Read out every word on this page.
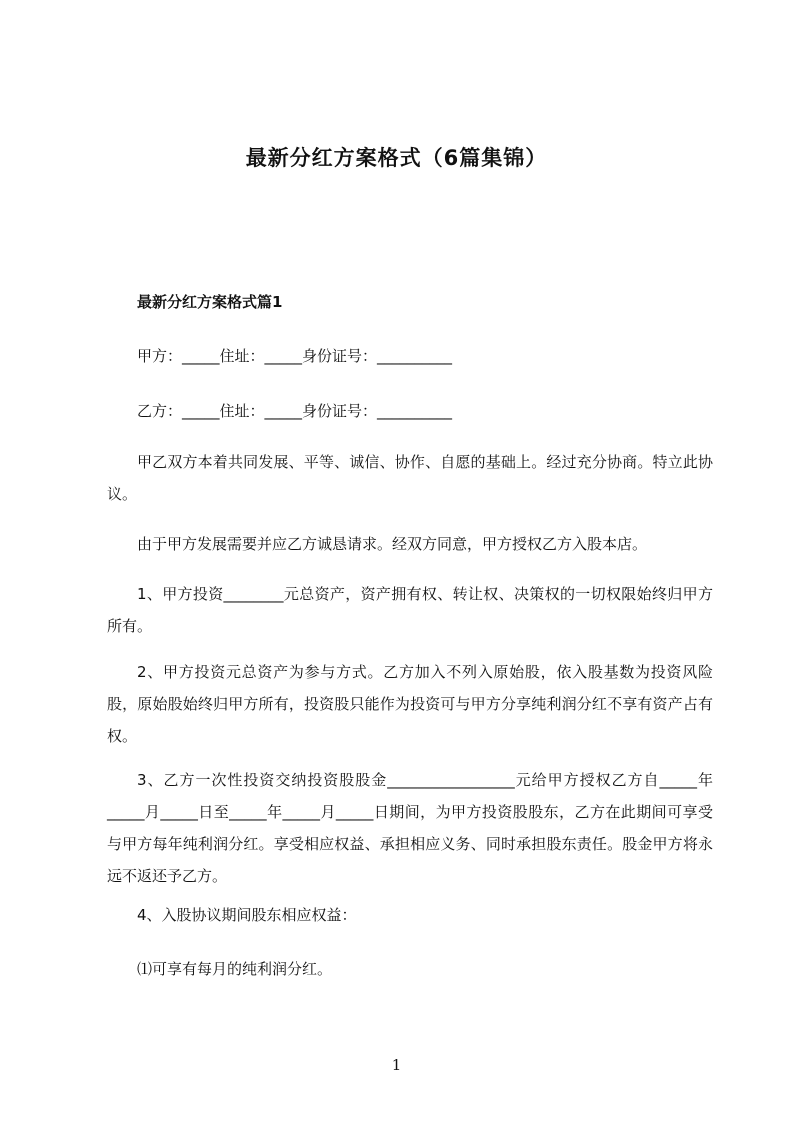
最新分红方案格式（6篇集锦）
最新分红方案格式篇1
甲方：_____住址：_____身份证号：__________
乙方：_____住址：_____身份证号：__________
甲乙双方本着共同发展、平等、诚信、协作、自愿的基础上。经过充分协商。特立此协议。
由于甲方发展需要并应乙方诚恳请求。经双方同意，甲方授权乙方入股本店。
1、甲方投资________元总资产，资产拥有权、转让权、决策权的一切权限始终归甲方所有。
2、甲方投资元总资产为参与方式。乙方加入不列入原始股，依入股基数为投资风险股，原始股始终归甲方所有，投资股只能作为投资可与甲方分享纯利润分红不享有资产占有权。
3、乙方一次性投资交纳投资股股金_________________元给甲方授权乙方自_____年_____月_____日至_____年_____月_____日期间，为甲方投资股股东，乙方在此期间可享受与甲方每年纯利润分红。享受相应权益、承担相应义务、同时承担股东责任。股金甲方将永远不返还予乙方。
4、入股协议期间股东相应权益：
⑴可享有每月的纯利润分红。
1
